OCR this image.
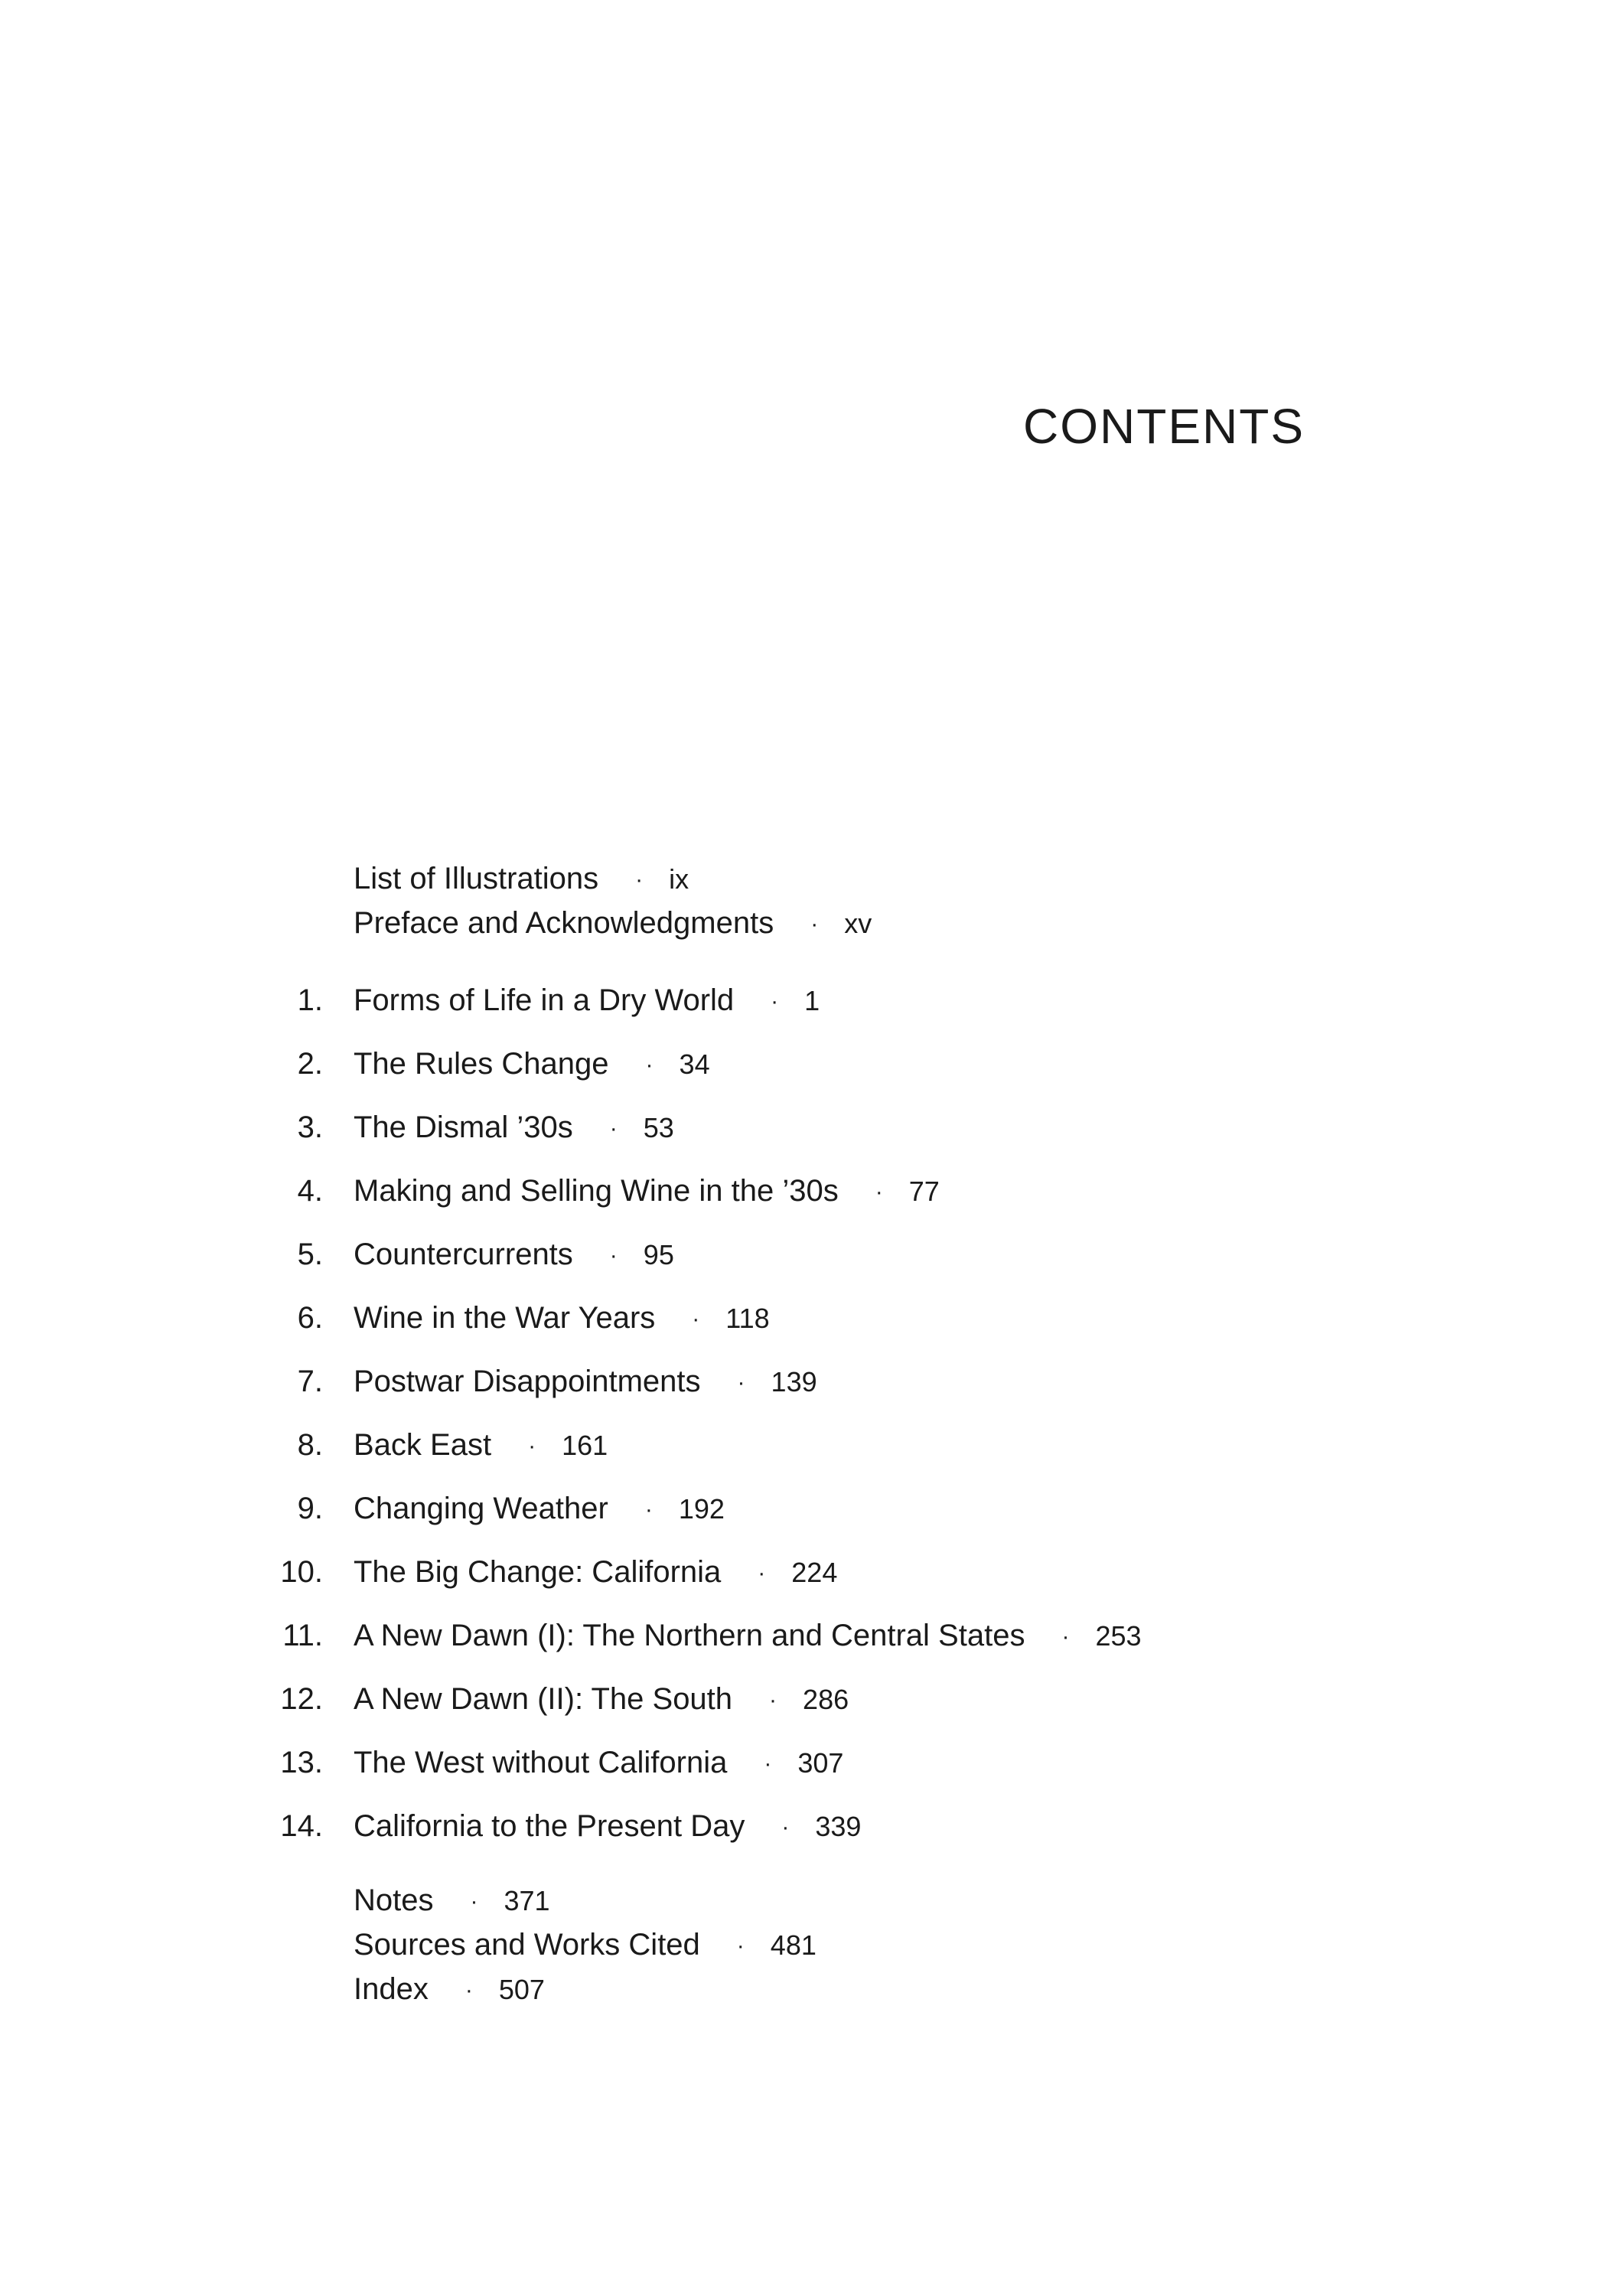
CONTENTS
List of Illustrations · ix
Preface and Acknowledgments · xv
1. Forms of Life in a Dry World · 1
2. The Rules Change · 34
3. The Dismal ’30s · 53
4. Making and Selling Wine in the ’30s · 77
5. Countercurrents · 95
6. Wine in the War Years · 118
7. Postwar Disappointments · 139
8. Back East · 161
9. Changing Weather · 192
10. The Big Change: California · 224
11. A New Dawn (I): The Northern and Central States · 253
12. A New Dawn (II): The South · 286
13. The West without California · 307
14. California to the Present Day · 339
Notes · 371
Sources and Works Cited · 481
Index · 507
